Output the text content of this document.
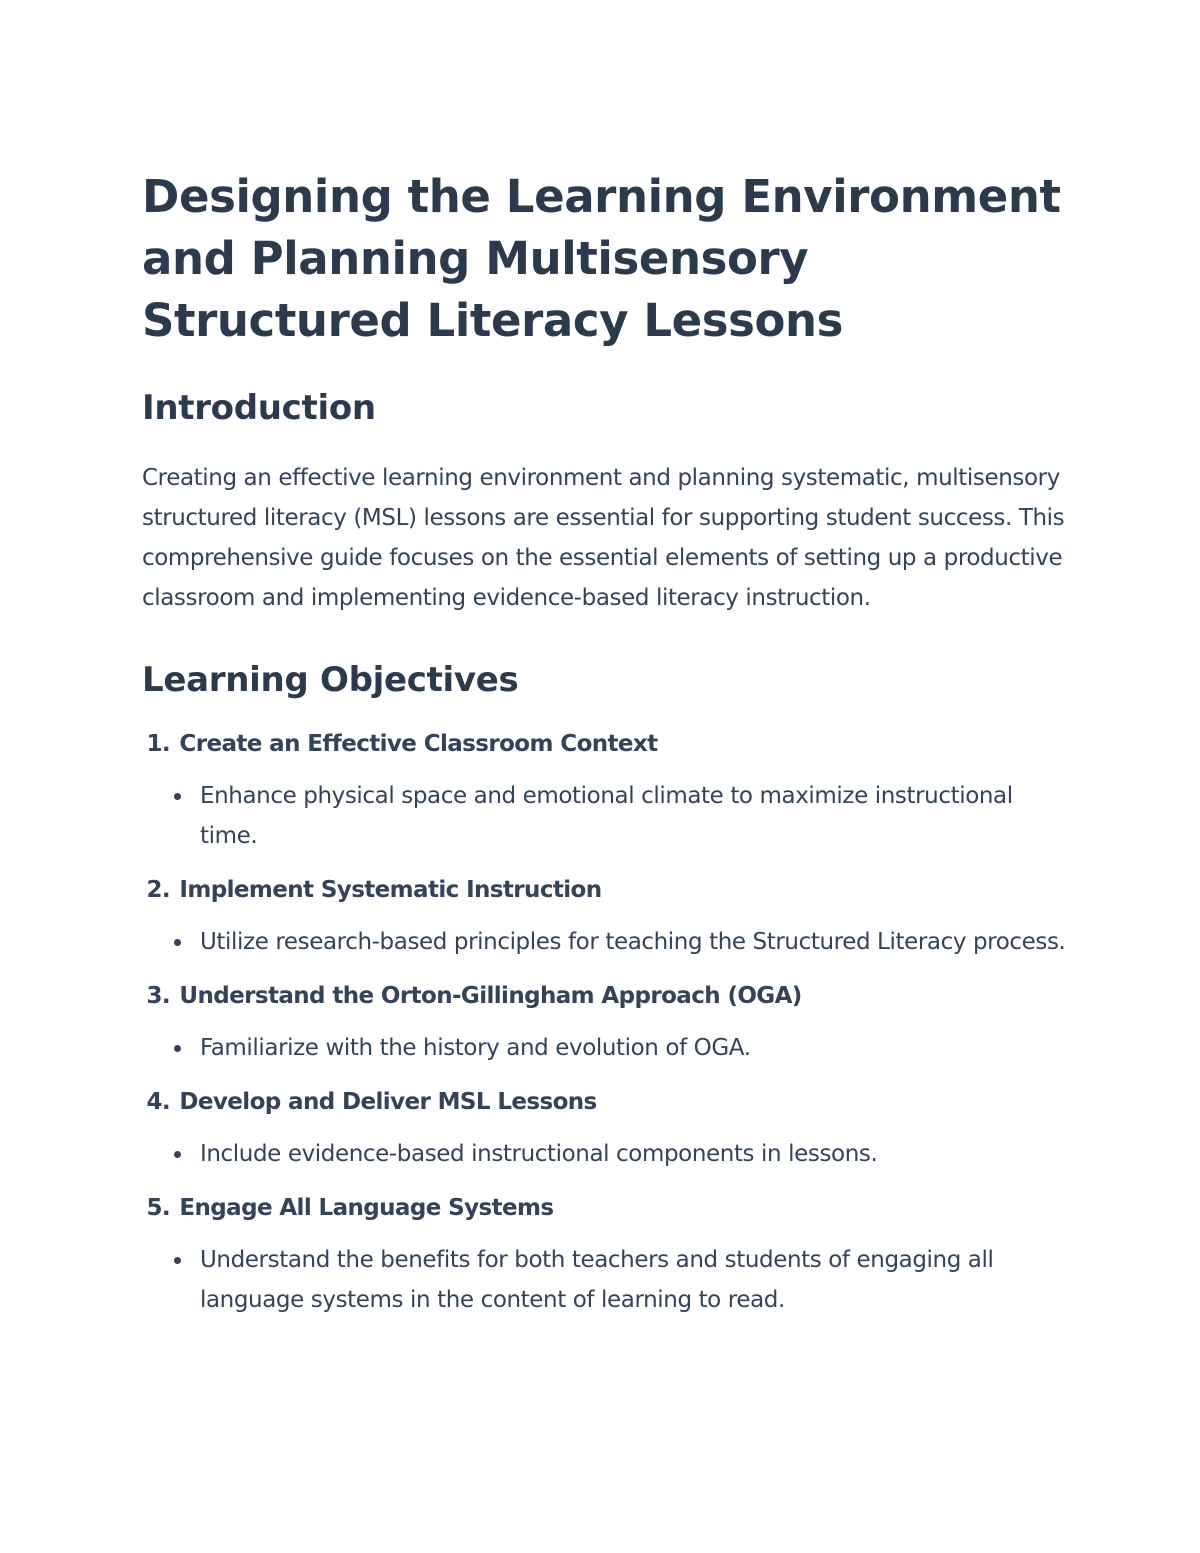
Designing the Learning Environment and Planning Multisensory Structured Literacy Lessons
Introduction

Creating an effective learning environment and planning systematic, multisensory structured literacy (MSL) lessons are essential for supporting student success. This comprehensive guide focuses on the essential elements of setting up a productive classroom and implementing evidence-based literacy instruction.

Learning Objectives
1. Create an Effective Classroom Context
Enhance physical space and emotional climate to maximize instructional time.
2. Implement Systematic Instruction
Utilize research-based principles for teaching the Structured Literacy process.
3. Understand the Orton-Gillingham Approach (OGA)
Familiarize with the history and evolution of OGA.
4. Develop and Deliver MSL Lessons
Include evidence-based instructional components in lessons.
5. Engage All Language Systems
Understand the benefits for both teachers and students of engaging all language systems in the content of learning to read.
